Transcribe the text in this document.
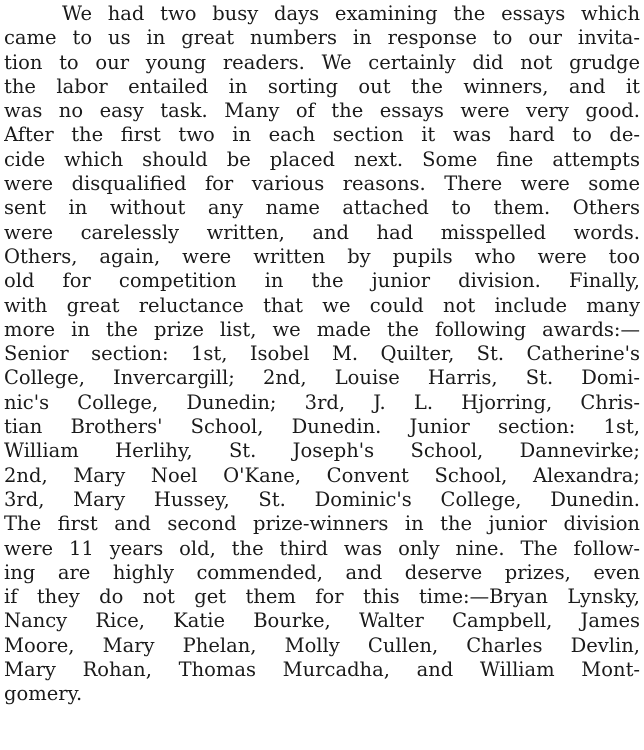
We had two busy days examining the essays which
came to us in great numbers in response to our invita-
tion to our young readers. We certainly did not grudge
the labor entailed in sorting out the winners, and it
was no easy task. Many of the essays were very good.
After the first two in each section it was hard to de-
cide which should be placed next. Some fine attempts
were disqualified for various reasons. There were some
sent in without any name attached to them. Others
were carelessly written, and had misspelled words.
Others, again, were written by pupils who were too
old for competition in the junior division. Finally,
with great reluctance that we could not include many
more in the prize list, we made the following awards:—
Senior section: 1st, Isobel M. Quilter, St. Catherine's
College, Invercargill; 2nd, Louise Harris, St. Domi-
nic's College, Dunedin; 3rd, J. L. Hjorring, Chris-
tian Brothers' School, Dunedin. Junior section: 1st,
William Herlihy, St. Joseph's School, Dannevirke;
2nd, Mary Noel O'Kane, Convent School, Alexandra;
3rd, Mary Hussey, St. Dominic's College, Dunedin.
The first and second prize-winners in the junior division
were 11 years old, the third was only nine. The follow-
ing are highly commended, and deserve prizes, even
if they do not get them for this time:—Bryan Lynsky,
Nancy Rice, Katie Bourke, Walter Campbell, James
Moore, Mary Phelan, Molly Cullen, Charles Devlin,
Mary Rohan, Thomas Murcadha, and William Mont-
gomery.
